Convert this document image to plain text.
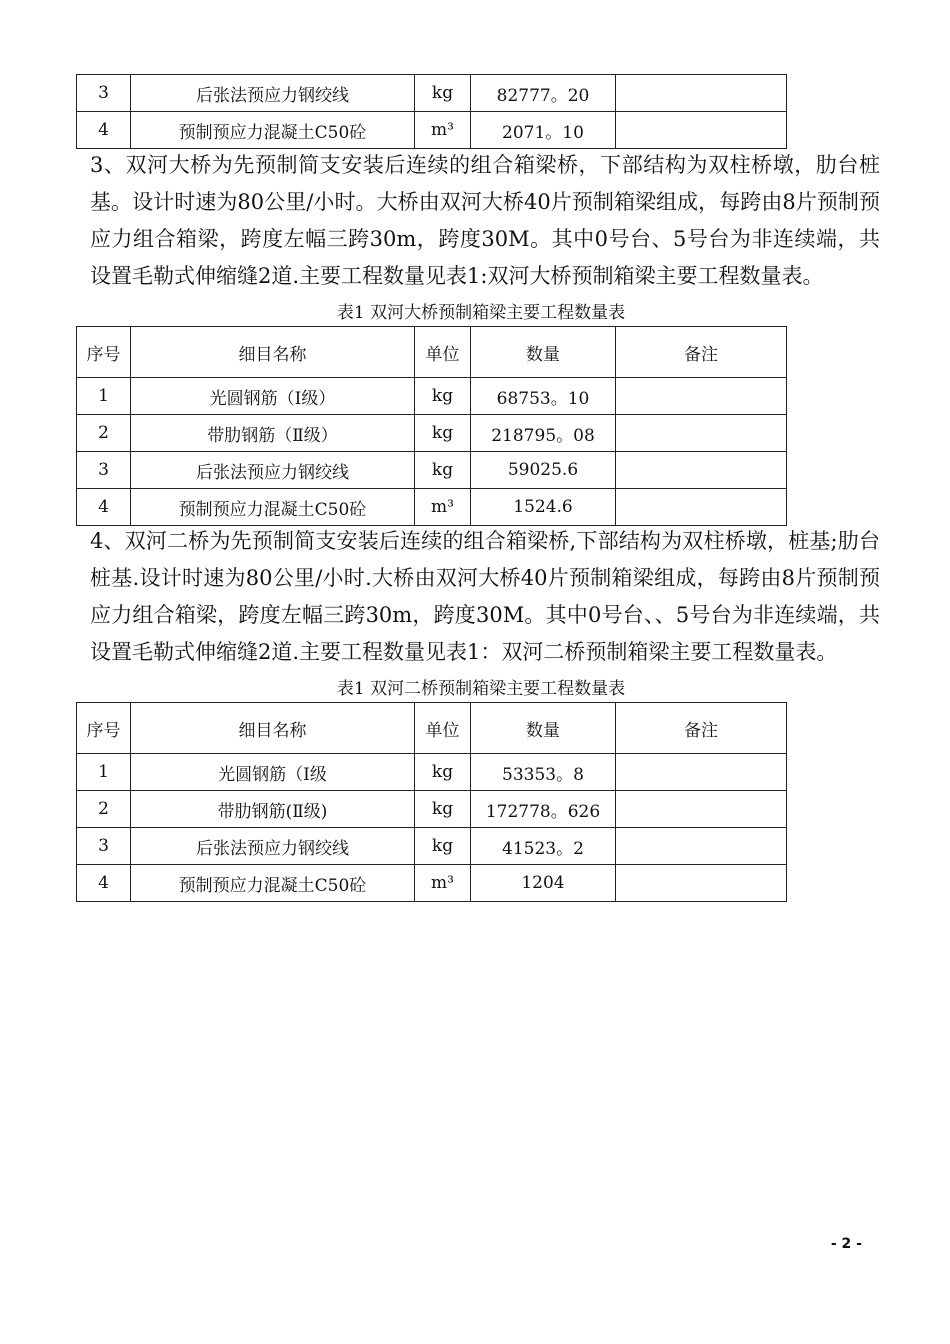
3	后张法预应力钢绞线	kg	82777。20	
4	预制预应力混凝土C50砼	m³	2071。10	
3、双河大桥为先预制简支安装后连续的组合箱梁桥，下部结构为双柱桥墩，肋台桩基。设计时速为80公里/小时。大桥由双河大桥40片预制箱梁组成，每跨由8片预制预应力组合箱梁，跨度左幅三跨30m，跨度30M。其中0号台、5号台为非连续端，共设置毛勒式伸缩缝2道.主要工程数量见表1:双河大桥预制箱梁主要工程数量表。
表1 双河大桥预制箱梁主要工程数量表
序号	细目名称	单位	数量	备注
1	光圆钢筋（Ⅰ级）	kg	68753。10	
2	带肋钢筋（Ⅱ级）	kg	218795。08	
3	后张法预应力钢绞线	kg	59025.6	
4	预制预应力混凝土C50砼	m³	1524.6	
4、双河二桥为先预制简支安装后连续的组合箱梁桥,下部结构为双柱桥墩，桩基;肋台桩基.设计时速为80公里/小时.大桥由双河大桥40片预制箱梁组成，每跨由8片预制预应力组合箱梁，跨度左幅三跨30m，跨度30M。其中0号台、、5号台为非连续端，共设置毛勒式伸缩缝2道.主要工程数量见表1：双河二桥预制箱梁主要工程数量表。
表1 双河二桥预制箱梁主要工程数量表
序号	细目名称	单位	数量	备注
1	光圆钢筋（Ⅰ级	kg	53353。8	
2	带肋钢筋(Ⅱ级)	kg	172778。626	
3	后张法预应力钢绞线	kg	41523。2	
4	预制预应力混凝土C50砼	m³	1204	
- 2 -
